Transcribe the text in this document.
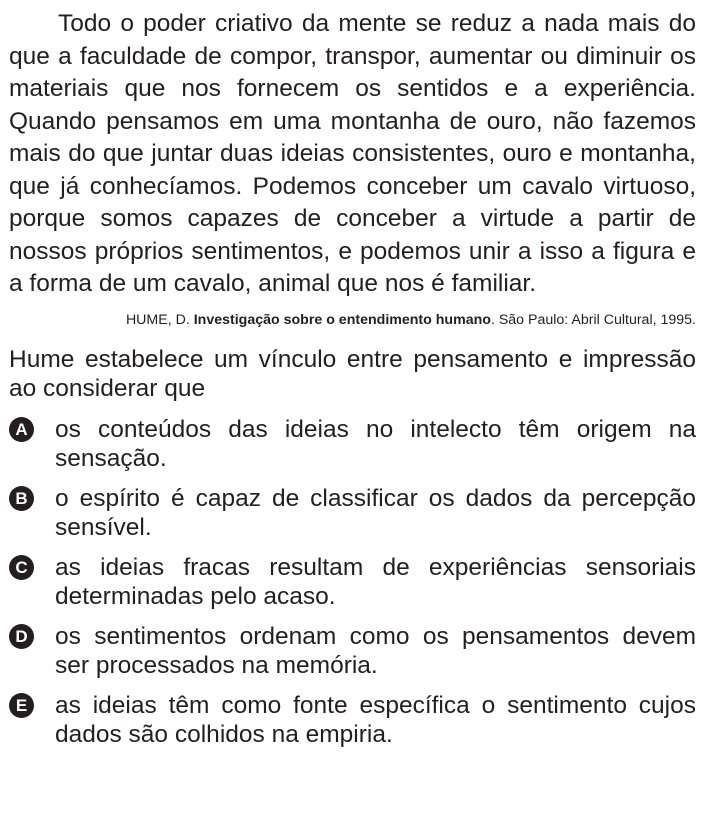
Todo o poder criativo da mente se reduz a nada mais do que a faculdade de compor, transpor, aumentar ou diminuir os materiais que nos fornecem os sentidos e a experiência. Quando pensamos em uma montanha de ouro, não fazemos mais do que juntar duas ideias consistentes, ouro e montanha, que já conhecíamos. Podemos conceber um cavalo virtuoso, porque somos capazes de conceber a virtude a partir de nossos próprios sentimentos, e podemos unir a isso a figura e a forma de um cavalo, animal que nos é familiar.

HUME, D. Investigação sobre o entendimento humano. São Paulo: Abril Cultural, 1995.
Hume estabelece um vínculo entre pensamento e impressão ao considerar que
A os conteúdos das ideias no intelecto têm origem na sensação.
B o espírito é capaz de classificar os dados da percepção sensível.
C as ideias fracas resultam de experiências sensoriais determinadas pelo acaso.
D os sentimentos ordenam como os pensamentos devem ser processados na memória.
E as ideias têm como fonte específica o sentimento cujos dados são colhidos na empiria.
